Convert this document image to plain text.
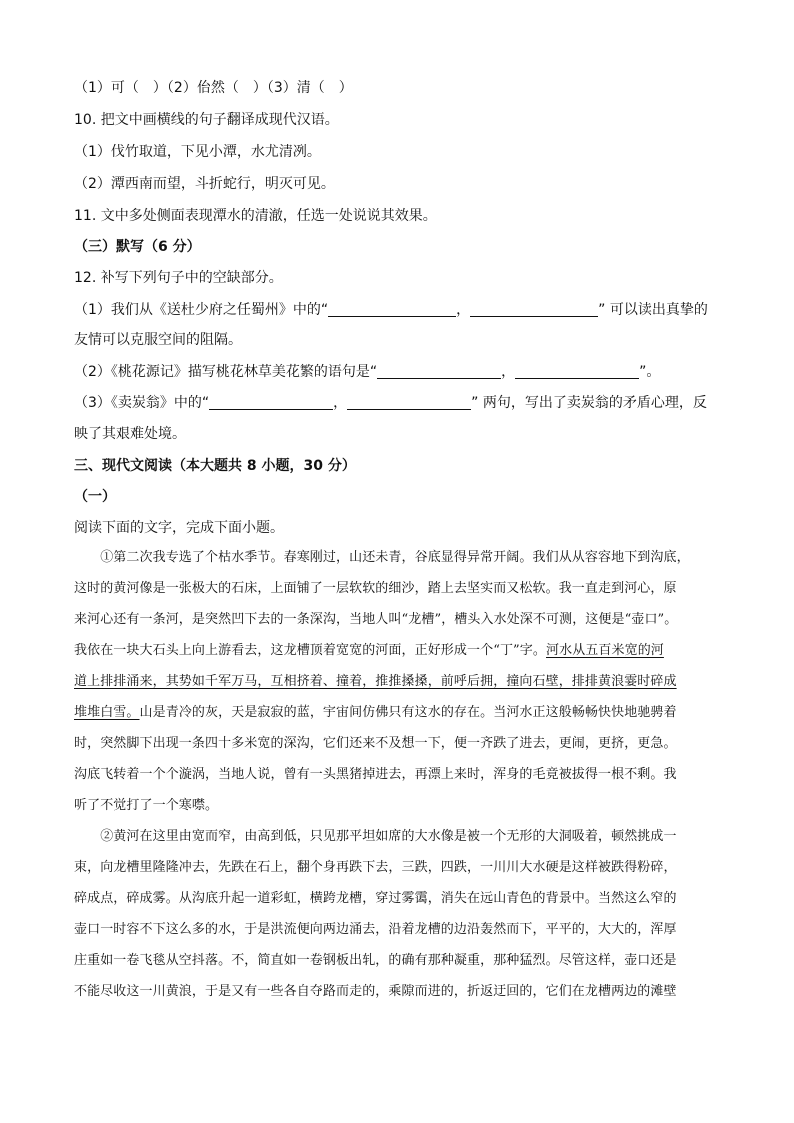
（1）可（　）（2）佁然（　）（3）清（　）
10. 把文中画横线的句子翻译成现代汉语。
（1）伐竹取道，下见小潭，水尤清冽。
（2）潭西南而望，斗折蛇行，明灭可见。
11. 文中多处侧面表现潭水的清澈，任选一处说说其效果。
（三）默写（6 分）
12. 补写下列句子中的空缺部分。
（1）我们从《送杜少府之任蜀州》中的“	，	” 可以读出真挚的
友情可以克服空间的阻隔。
（2）《桃花源记》描写桃花林草美花繁的语句是“	，	”。
（3）《卖炭翁》中的“	，	” 两句，写出了卖炭翁的矛盾心理，反
映了其艰难处境。
三、现代文阅读（本大题共 8 小题，30 分）
（一）
阅读下面的文字，完成下面小题。
　　①第二次我专选了个枯水季节。春寒刚过，山还未青，谷底显得异常开阔。我们从从容容地下到沟底，
这时的黄河像是一张极大的石床，上面铺了一层软软的细沙，踏上去坚实而又松软。我一直走到河心，原
来河心还有一条河，是突然凹下去的一条深沟，当地人叫“龙槽”，槽头入水处深不可测，这便是“壶口”。
我依在一块大石头上向上游看去，这龙槽顶着宽宽的河面，正好形成一个“丁”字。河水从五百米宽的河
道上排排涌来，其势如千军万马，互相挤着、撞着，推推搡搡，前呼后拥，撞向石壁，排排黄浪霎时碎成
堆堆白雪。山是青冷的灰，天是寂寂的蓝，宇宙间仿佛只有这水的存在。当河水正这般畅畅快快地驰骋着
时，突然脚下出现一条四十多米宽的深沟，它们还来不及想一下，便一齐跌了进去，更闹，更挤，更急。
沟底飞转着一个个漩涡，当地人说，曾有一头黑猪掉进去，再漂上来时，浑身的毛竟被拔得一根不剩。我
听了不觉打了一个寒噤。
　　②黄河在这里由宽而窄，由高到低，只见那平坦如席的大水像是被一个无形的大洞吸着，顿然挑成一
束，向龙槽里隆隆冲去，先跌在石上，翻个身再跌下去，三跌，四跌，一川川大水硬是这样被跌得粉碎，
碎成点，碎成雾。从沟底升起一道彩虹，横跨龙槽，穿过雾霭，消失在远山青色的背景中。当然这么窄的
壶口一时容不下这么多的水，于是洪流便向两边涌去，沿着龙槽的边沿轰然而下，平平的，大大的，浑厚
庄重如一卷飞毯从空抖落。不，简直如一卷钢板出轧，的确有那种凝重，那种猛烈。尽管这样，壶口还是
不能尽收这一川黄浪，于是又有一些各自夺路而走的，乘隙而进的，折返迂回的，它们在龙槽两边的滩壁
